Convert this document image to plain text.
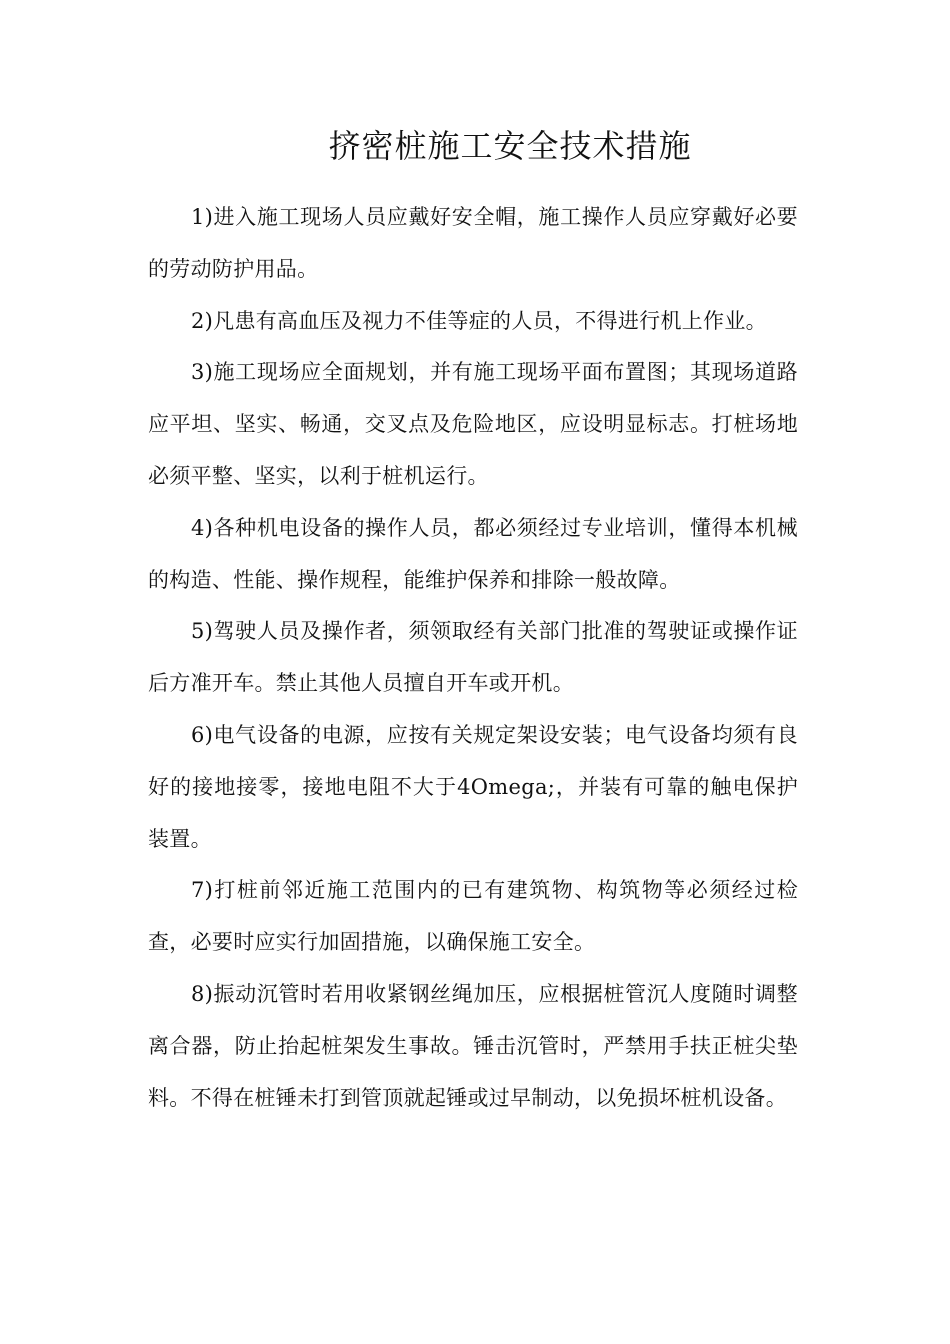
挤密桩施工安全技术措施

1)进入施工现场人员应戴好安全帽，施工操作人员应穿戴好必要的劳动防护用品。

2)凡患有高血压及视力不佳等症的人员，不得进行机上作业。

3)施工现场应全面规划，并有施工现场平面布置图；其现场道路应平坦、坚实、畅通，交叉点及危险地区，应设明显标志。打桩场地必须平整、坚实，以利于桩机运行。

4)各种机电设备的操作人员，都必须经过专业培训，懂得本机械的构造、性能、操作规程，能维护保养和排除一般故障。

5)驾驶人员及操作者，须领取经有关部门批准的驾驶证或操作证后方准开车。禁止其他人员擅自开车或开机。

6)电气设备的电源，应按有关规定架设安装；电气设备均须有良好的接地接零，接地电阻不大于4Omega;，并装有可靠的触电保护装置。

7)打桩前邻近施工范围内的已有建筑物、构筑物等必须经过检查，必要时应实行加固措施，以确保施工安全。

8)振动沉管时若用收紧钢丝绳加压，应根据桩管沉人度随时调整离合器，防止抬起桩架发生事故。锤击沉管时，严禁用手扶正桩尖垫料。不得在桩锤未打到管顶就起锤或过早制动，以免损坏桩机设备。
